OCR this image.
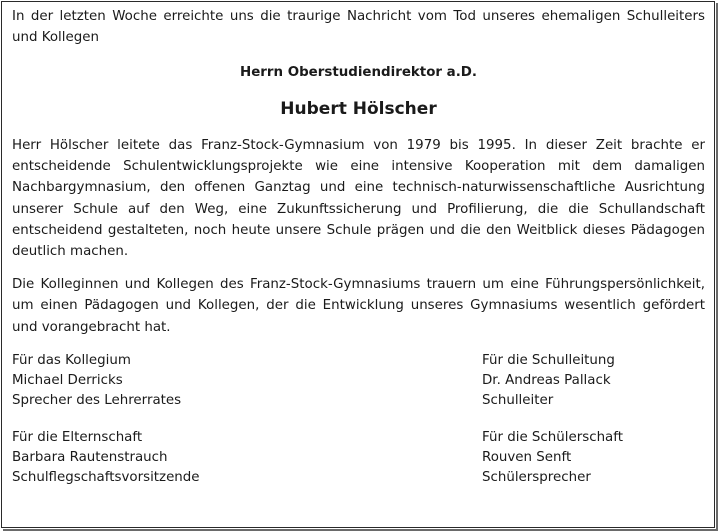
In der letzten Woche erreichte uns die traurige Nachricht vom Tod unseres ehemaligen Schulleiters und Kollegen

Herrn Oberstudiendirektor a.D.

Hubert Hölscher

Herr Hölscher leitete das Franz-Stock-Gymnasium von 1979 bis 1995. In dieser Zeit brachte er entscheidende Schulentwicklungsprojekte wie eine intensive Kooperation mit dem damaligen Nachbargymnasium, den offenen Ganztag und eine technisch-naturwissenschaftliche Ausrichtung unserer Schule auf den Weg, eine Zukunftssicherung und Profilierung, die die Schullandschaft entscheidend gestalteten, noch heute unsere Schule prägen und die den Weitblick dieses Pädagogen deutlich machen.

Die Kolleginnen und Kollegen des Franz-Stock-Gymnasiums trauern um eine Führungspersönlichkeit, um einen Pädagogen und Kollegen, der die Entwicklung unseres Gymnasiums wesentlich gefördert und vorangebracht hat.

Für das Kollegium
Michael Derricks
Sprecher des Lehrerrates
Für die Elternschaft
Barbara Rautenstrauch
Schulflegschaftsvorsitzende
Für die Schulleitung
Dr. Andreas Pallack
Schulleiter
Für die Schülerschaft
Rouven Senft
Schülersprecher
